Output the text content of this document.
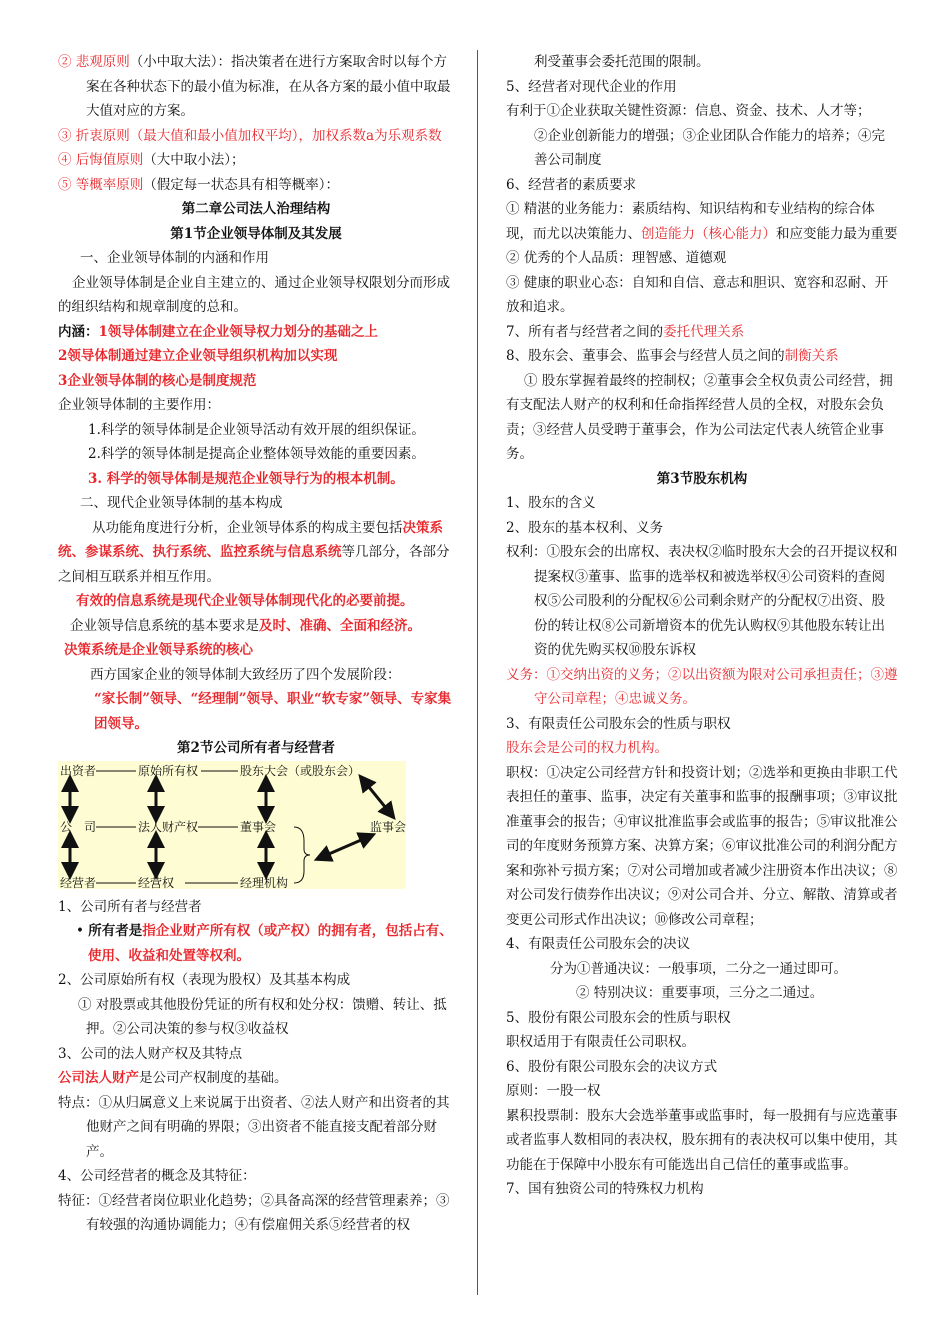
② 悲观原则（小中取大法）：指决策者在进行方案取舍时以每个方案在各种状态下的最小值为标准，在从各方案的最小值中取最大值对应的方案。

③ 折衷原则（最大值和最小值加权平均），加权系数a为乐观系数

④ 后悔值原则（大中取小法）；

⑤ 等概率原则（假定每一状态具有相等概率）：

第二章公司法人治理结构

第1节企业领导体制及其发展

一、企业领导体制的内涵和作用

企业领导体制是企业自主建立的、通过企业领导权限划分而形成的组织结构和规章制度的总和。

内涵：1领导体制建立在企业领导权力划分的基础之上

2领导体制通过建立企业领导组织机构加以实现

3企业领导体制的核心是制度规范

企业领导体制的主要作用：

1.科学的领导体制是企业领导活动有效开展的组织保证。

2.科学的领导体制是提高企业整体领导效能的重要因素。

3. 科学的领导体制是规范企业领导行为的根本机制。

二、现代企业领导体制的基本构成

从功能角度进行分析，企业领导体系的构成主要包括决策系统、参谋系统、执行系统、监控系统与信息系统等几部分，各部分之间相互联系并相互作用。

有效的信息系统是现代企业领导体制现代化的必要前提。

企业领导信息系统的基本要求是及时、准确、全面和经济。

决策系统是企业领导系统的核心

西方国家企业的领导体制大致经历了四个发展阶段：

“家长制”领导、“经理制”领导、职业“软专家”领导、专家集团领导。

第2节公司所有者与经营者

出资者	原始所有权	股东大会（或股东会）
公　司	法人财产权	董事会	监事会
经营者	经营权	经理机构

1、公司所有者与经营者

• 所有者是指企业财产所有权（或产权）的拥有者，包括占有、使用、收益和处置等权利。

2、公司原始所有权（表现为股权）及其基本构成

① 对股票或其他股份凭证的所有权和处分权：馈赠、转让、抵押。②公司决策的参与权③收益权

3、公司的法人财产权及其特点

公司法人财产是公司产权制度的基础。

特点：①从归属意义上来说属于出资者、②法人财产和出资者的其他财产之间有明确的界限；③出资者不能直接支配着部分财产。

4、公司经营者的概念及其特征：

特征：①经营者岗位职业化趋势；②具备高深的经营管理素养；③有较强的沟通协调能力；④有偿雇佣关系⑤经营者的权

利受董事会委托范围的限制。

5、经营者对现代企业的作用

有利于①企业获取关键性资源：信息、资金、技术、人才等；

②企业创新能力的增强；③企业团队合作能力的培养；④完善公司制度

6、经营者的素质要求

① 精湛的业务能力：素质结构、知识结构和专业结构的综合体现，而尤以决策能力、创造能力（核心能力）和应变能力最为重要

② 优秀的个人品质：理智感、道德观

③ 健康的职业心态：自知和自信、意志和胆识、宽容和忍耐、开放和追求。

7、所有者与经营者之间的委托代理关系

8、股东会、董事会、监事会与经营人员之间的制衡关系

① 股东掌握着最终的控制权；②董事会全权负责公司经营，拥有支配法人财产的权利和任命指挥经营人员的全权，对股东会负责；③经营人员受聘于董事会，作为公司法定代表人统管企业事务。

第3节股东机构

1、股东的含义

2、股东的基本权利、义务

权利：①股东会的出席权、表决权②临时股东大会的召开提议权和提案权③董事、监事的选举权和被选举权④公司资料的查阅权⑤公司股利的分配权⑥公司剩余财产的分配权⑦出资、股份的转让权⑧公司新增资本的优先认购权⑨其他股东转让出资的优先购买权⑩股东诉权

义务：①交纳出资的义务；②以出资额为限对公司承担责任；③遵守公司章程；④忠诚义务。

3、有限责任公司股东会的性质与职权

股东会是公司的权力机构。

职权：①决定公司经营方针和投资计划；②选举和更换由非职工代表担任的董事、监事，决定有关董事和监事的报酬事项；③审议批准董事会的报告；④审议批准监事会或监事的报告；⑤审议批准公司的年度财务预算方案、决算方案；⑥审议批准公司的利润分配方案和弥补亏损方案；⑦对公司增加或者减少注册资本作出决议；⑧对公司发行债券作出决议；⑨对公司合并、分立、解散、清算或者变更公司形式作出决议；⑩修改公司章程；

4、有限责任公司股东会的决议

分为①普通决议：一般事项，二分之一通过即可。

② 特别决议：重要事项，三分之二通过。

5、股份有限公司股东会的性质与职权

职权适用于有限责任公司职权。

6、股份有限公司股东会的决议方式

原则：一股一权

累积投票制：股东大会选举董事或监事时，每一股拥有与应选董事或者监事人数相同的表决权，股东拥有的表决权可以集中使用，其功能在于保障中小股东有可能选出自己信任的董事或监事。

7、国有独资公司的特殊权力机构
